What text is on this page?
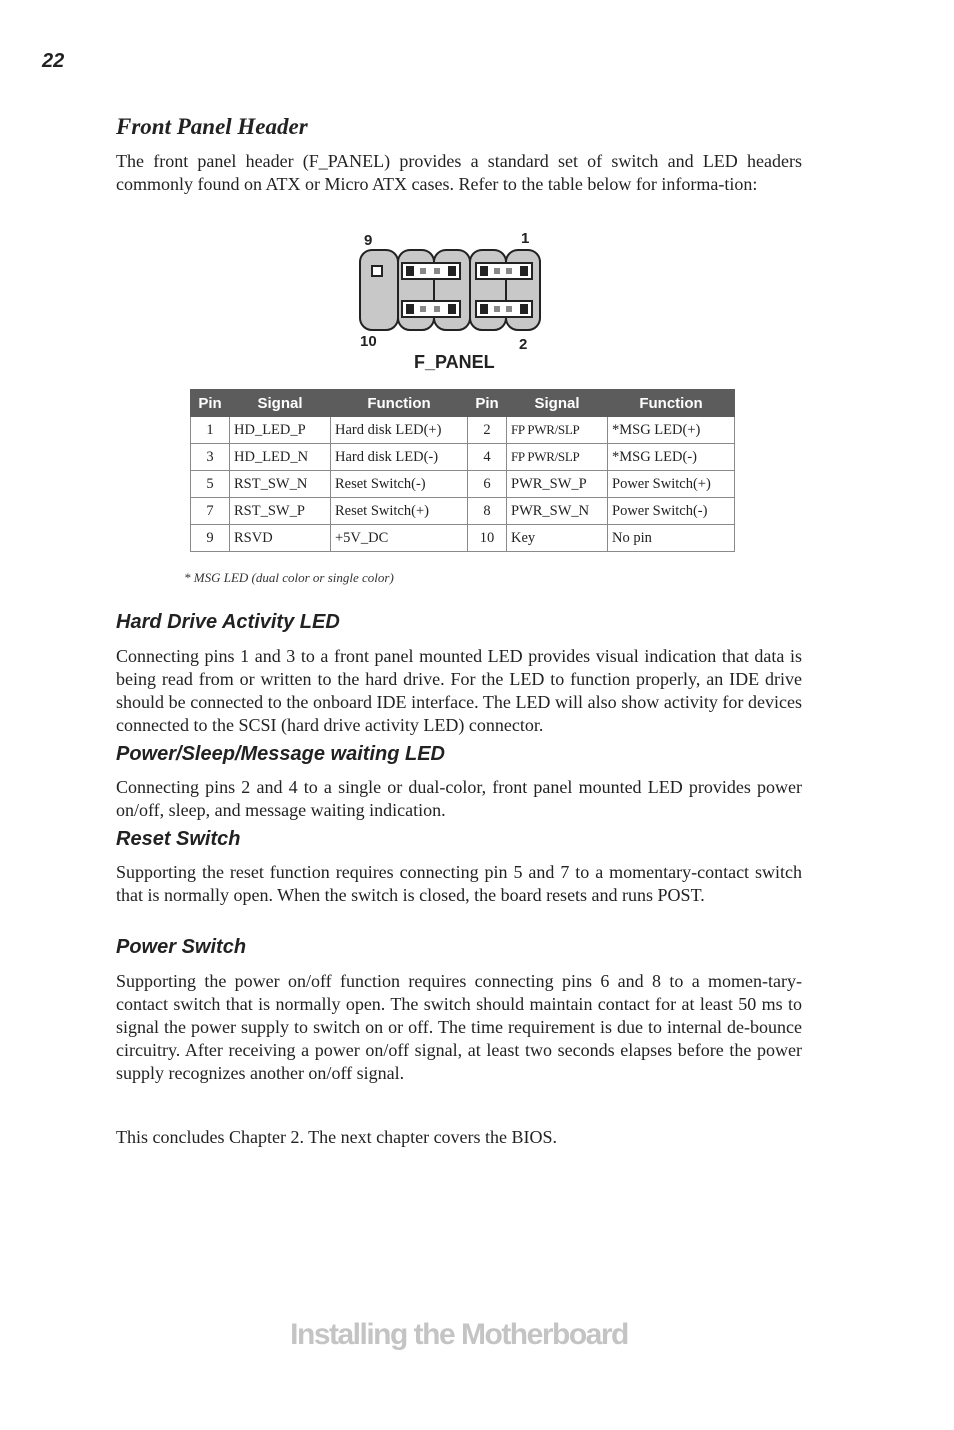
22
Front Panel Header

The front panel header (F_PANEL) provides a standard set of switch and LED headers commonly found on ATX or Micro ATX cases. Refer to the table below for informa-tion:

9	1
10	2
F_PANEL
Pin	Signal	Function	Pin	Signal	Function
1	HD_LED_P	Hard disk LED(+)	2	FP PWR/SLP	*MSG LED(+)
3	HD_LED_N	Hard disk LED(-)	4	FP PWR/SLP	*MSG LED(-)
5	RST_SW_N	Reset Switch(-)	6	PWR_SW_P	Power Switch(+)
7	RST_SW_P	Reset Switch(+)	8	PWR_SW_N	Power Switch(-)
9	RSVD	+5V_DC	10	Key	No pin
* MSG LED (dual color or single color)
Hard Drive Activity LED

Connecting pins 1 and 3 to a front panel mounted LED provides visual indication that data is being read from or written to the hard drive. For the LED to function properly, an IDE drive should be connected to the onboard IDE interface. The LED will also show activity for devices connected to the SCSI (hard drive activity LED) connector.

Power/Sleep/Message waiting LED

Connecting pins 2 and 4 to a single or dual-color, front panel mounted LED provides power on/off, sleep, and message waiting indication.

Reset Switch

Supporting the reset function requires connecting pin 5 and 7 to a momentary-contact switch that is normally open. When the switch is closed, the board resets and runs POST.

Power Switch

Supporting the power on/off function requires connecting pins 6 and 8 to a momen-tary-contact switch that is normally open. The switch should maintain contact for at least 50 ms to signal the power supply to switch on or off. The time requirement is due to internal de-bounce circuitry. After receiving a power on/off signal, at least two seconds elapses before the power supply recognizes another on/off signal.

This concludes Chapter 2. The next chapter covers the BIOS.

Installing the Motherboard
